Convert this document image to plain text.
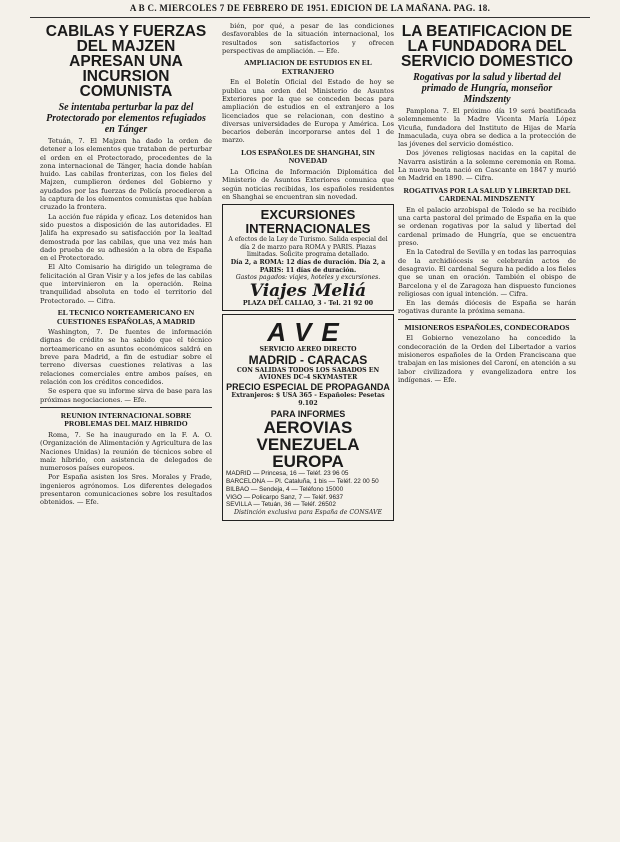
A B C. MIERCOLES 7 DE FEBRERO DE 1951. EDICION DE LA MAÑANA. PAG. 18.
CABILAS Y FUERZAS DEL MAJZEN APRESAN UNA INCURSION COMUNISTA
Se intentaba perturbar la paz del Protectorado por elementos refugiados en Tánger

Tetuán, 7. El Majzen ha dado la orden de detener a los elementos que trataban de perturbar el orden en el Protectorado, procedentes de la zona internacional de Tánger, hacia donde habían huido. Las cabilas fronterizas, con los fieles del Majzen, cumplieron órdenes del Gobierno y ayudados por las fuerzas de Policía procedieron a la captura de los elementos comunistas que habían cruzado la frontera.

La acción fue rápida y eficaz. Los detenidos han sido puestos a disposición de las autoridades. El Jalifa ha expresado su satisfacción por la lealtad demostrada por las cabilas, que una vez más han dado prueba de su adhesión a la obra de España en el Protectorado.

El Alto Comisario ha dirigido un telegrama de felicitación al Gran Visir y a los jefes de las cabilas que intervinieron en la operación. Reina tranquilidad absoluta en todo el territorio del Protectorado. — Cifra.

EL TECNICO NORTEAMERICANO EN CUESTIONES ESPAÑOLAS, A MADRID

Washington, 7. De fuentes de información dignas de crédito se ha sabido que el técnico norteamericano en asuntos económicos saldrá en breve para Madrid, a fin de estudiar sobre el terreno diversas cuestiones relativas a las relaciones comerciales entre ambos países, en relación con los créditos concedidos.

Se espera que su informe sirva de base para las próximas negociaciones. — Efe.

REUNION INTERNACIONAL SOBRE PROBLEMAS DEL MAIZ HIBRIDO

Roma, 7. Se ha inaugurado en la F. A. O. (Organización de Alimentación y Agricultura de las Naciones Unidas) la reunión de técnicos sobre el maíz híbrido, con asistencia de delegados de numerosos países europeos.

Por España asisten los Sres. Morales y Frade, ingenieros agrónomos. Los diferentes delegados presentaron comunicaciones sobre los resultados obtenidos. — Efe.

bién, por qué, a pesar de las condiciones desfavorables de la situación internacional, los resultados son satisfactorios y ofrecen perspectivas de ampliación. — Efe.

AMPLIACION DE ESTUDIOS EN EL EXTRANJERO

En el Boletín Oficial del Estado de hoy se publica una orden del Ministerio de Asuntos Exteriores por la que se conceden becas para ampliación de estudios en el extranjero a los licenciados que se relacionan, con destino a diversas universidades de Europa y América. Los becarios deberán incorporarse antes del 1 de marzo.

LOS ESPAÑOLES DE SHANGHAI, SIN NOVEDAD

La Oficina de Información Diplomática del Ministerio de Asuntos Exteriores comunica que según noticias recibidas, los españoles residentes en Shanghai se encuentran sin novedad.

EXCURSIONES INTERNACIONALES
A efectos de la Ley de Turismo. Salida especial del día 2 de marzo para ROMA y PARIS. Plazas limitadas. Solicite programa detallado.
Día 2, a ROMA: 12 días de duración. Día 2, a PARIS: 11 días de duración.
Gastos pagados: viajes, hoteles y excursiones.
Viajes Meliá
PLAZA DEL CALLAO, 3 - Tel. 21 92 00
AVE
SERVICIO AEREO DIRECTO
MADRID - CARACAS
CON SALIDAS TODOS LOS SABADOS EN AVIONES DC-4 SKYMASTER
PRECIO ESPECIAL DE PROPAGANDA
Extranjeros: $ USA 365 - Españoles: Pesetas 9.102
PARA INFORMES
AEROVIAS VENEZUELA EUROPA
MADRID — Princesa, 16 — Teléf. 23 96 05
BARCELONA — Pl. Cataluña, 1 bis — Teléf. 22 00 50
BILBAO — Sendeja, 4 — Teléfono 15000
VIGO — Policarpo Sanz, 7 — Teléf. 9637
SEVILLA — Tetuán, 36 — Teléf. 26502
Distinción exclusiva para España de CONSAVE
LA BEATIFICACION DE LA FUNDADORA DEL SERVICIO DOMESTICO
Rogativas por la salud y libertad del primado de Hungría, monseñor Mindszenty

Pamplona 7. El próximo día 19 será beatificada solemnemente la Madre Vicenta María López Vicuña, fundadora del Instituto de Hijas de María Inmaculada, cuya obra se dedica a la protección de las jóvenes del servicio doméstico.

Dos jóvenes religiosas nacidas en la capital de Navarra asistirán a la solemne ceremonia en Roma. La nueva beata nació en Cascante en 1847 y murió en Madrid en 1890. — Cifra.

ROGATIVAS POR LA SALUD Y LIBERTAD DEL CARDENAL MINDSZENTY

En el palacio arzobispal de Toledo se ha recibido una carta pastoral del primado de España en la que se ordenan rogativas por la salud y libertad del cardenal primado de Hungría, que se encuentra preso.

En la Catedral de Sevilla y en todas las parroquias de la archidiócesis se celebrarán actos de desagravio. El cardenal Segura ha pedido a los fieles que se unan en oración. También el obispo de Barcelona y el de Zaragoza han dispuesto funciones religiosas con igual intención. — Cifra.

En las demás diócesis de España se harán rogativas durante la próxima semana.

MISIONEROS ESPAÑOLES, CONDECORADOS

El Gobierno venezolano ha concedido la condecoración de la Orden del Libertador a varios misioneros españoles de la Orden Franciscana que trabajan en las misiones del Caroní, en atención a su labor civilizadora y evangelizadora entre los indígenas. — Efe.
